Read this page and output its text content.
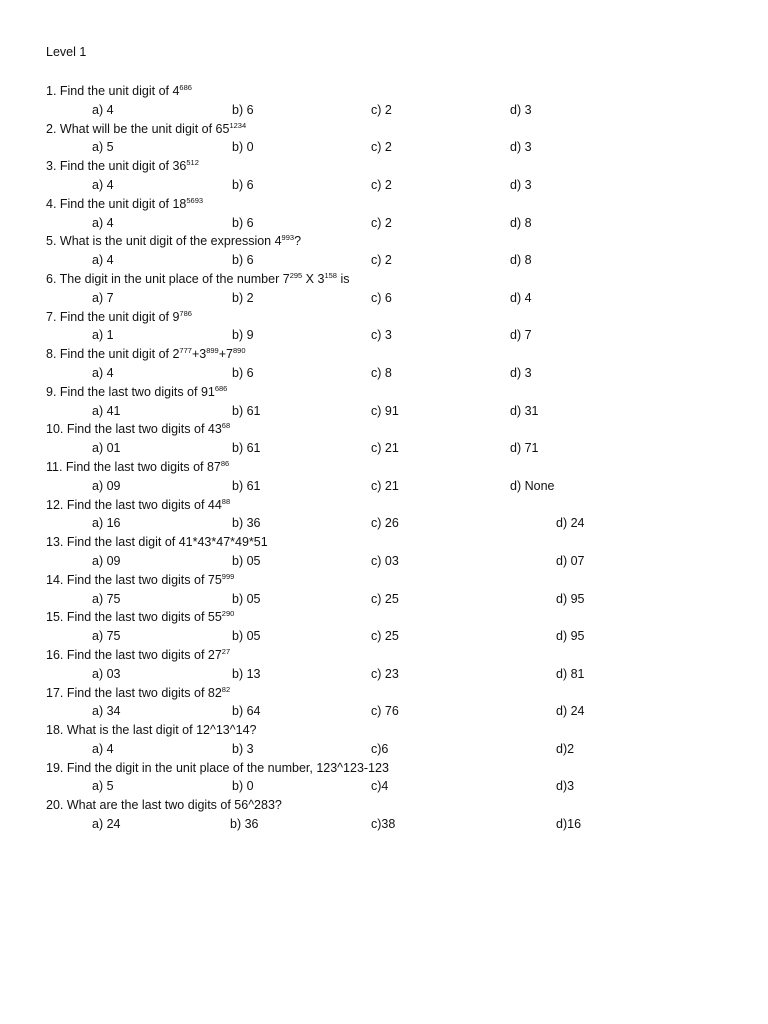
Level 1
1. Find the unit digit of $4^{686}$
a) 4	b) 6	c) 2	d) 3
2. What will be the unit digit of $65^{1234}$
a) 5	b) 0	c) 2	d) 3
3. Find the unit digit of $36^{512}$
a) 4	b) 6	c) 2	d) 3
4. Find the unit digit of $18^{5693}$
a) 4	b) 6	c) 2	d) 8
5. What is the unit digit of the expression $4^{993}$?
a) 4	b) 6	c) 2	d) 8
6. The digit in the unit place of the number $7^{295}$ X $3^{158}$ is
a) 7	b) 2	c) 6	d) 4
7. Find the unit digit of $9^{786}$
a) 1	b) 9	c) 3	d) 7
8. Find the unit digit of $2^{777}+3^{899}+7^{890}$
a) 4	b) 6	c) 8	d) 3
9. Find the last two digits of $91^{686}$
a) 41	b) 61	c) 91	d) 31
10. Find the last two digits of $43^{68}$
a) 01	b) 61	c) 21	d) 71
11. Find the last two digits of $87^{86}$
a) 09	b) 61	c) 21	d) None
12. Find the last two digits of $44^{88}$
a) 16	b) 36	c) 26	d) 24
13. Find the last digit of 41*43*47*49*51
a) 09	b) 05	c) 03	d) 07
14. Find the last two digits of $75^{999}$
a) 75	b) 05	c) 25	d) 95
15. Find the last two digits of $55^{290}$
a) 75	b) 05	c) 25	d) 95
16. Find the last two digits of $27^{27}$
a) 03	b) 13	c) 23	d) 81
17. Find the last two digits of $82^{82}$
a) 34	b) 64	c) 76	d) 24
18. What is the last digit of 12^13^14?
a) 4	b) 3	c)6	d)2
19. Find the digit in the unit place of the number, 123^123-123
a) 5	b) 0	c)4	d)3
20. What are the last two digits of 56^283?
a) 24	b) 36	c)38	d)16
